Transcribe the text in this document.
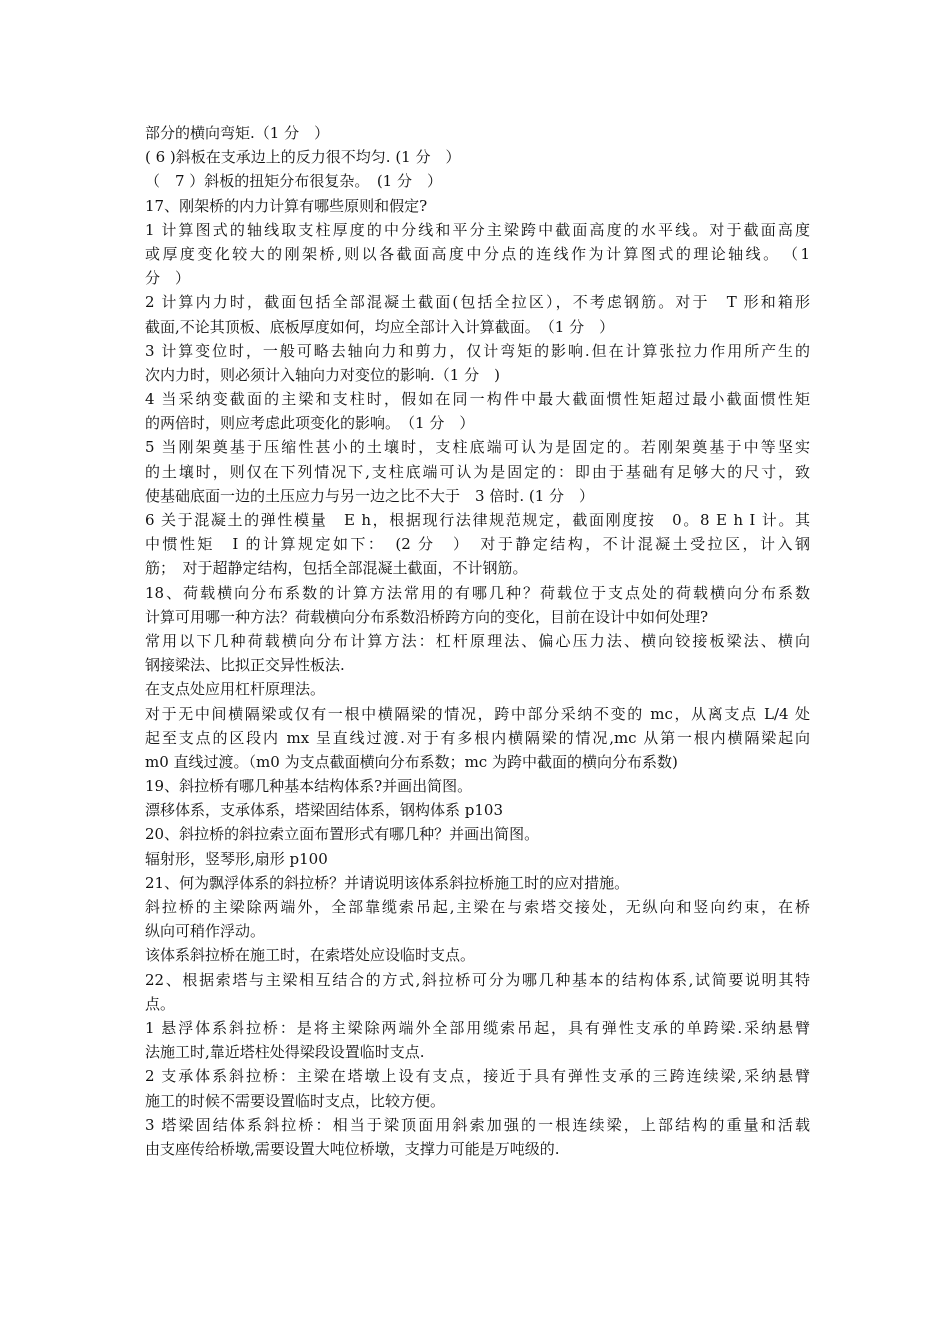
部分的横向弯矩.（1 分　）
( 6 )斜板在支承边上的反力很不均匀. (1 分　）
（　7 ）斜板的扭矩分布很复杂。　(1 分　）
17、刚架桥的内力计算有哪些原则和假定?
1 计算图式的轴线取支柱厚度的中分线和平分主梁跨中截面高度的水平线。对于截面高度
或厚度变化较大的刚架桥,则以各截面高度中分点的连线作为计算图式的理论轴线。　（1
分　）
2 计算内力时，截面包括全部混凝土截面(包括全拉区），不考虑钢筋。对于　T 形和箱形
截面,不论其顶板、底板厚度如何，均应全部计入计算截面。　（1 分　）
3 计算变位时，一般可略去轴向力和剪力，仅计弯矩的影响.但在计算张拉力作用所产生的
次内力时，则必须计入轴向力对变位的影响.（1 分　)
4 当采纳变截面的主梁和支柱时，假如在同一构件中最大截面惯性矩超过最小截面惯性矩
的两倍时，则应考虑此项变化的影响。　（1 分　）
5 当刚架奠基于压缩性甚小的土壤时，支柱底端可认为是固定的。若刚架奠基于中等坚实
的土壤时，则仅在下列情况下,支柱底端可认为是固定的：即由于基础有足够大的尺寸，致
使基础底面一边的土压应力与另一边之比不大于　3 倍时. (1 分　）
6 关于混凝土的弹性模量　E h，根据现行法律规范规定，截面刚度按　0。8 E h I 计。其
中惯性矩　I 的计算规定如下：　(2 分　）　对于静定结构，不计混凝土受拉区，计入钢
筋；　对于超静定结构，包括全部混凝土截面，不计钢筋。
18、荷载横向分布系数的计算方法常用的有哪几种？荷载位于支点处的荷载横向分布系数
计算可用哪一种方法？荷载横向分布系数沿桥跨方向的变化，目前在设计中如何处理?
常用以下几种荷载横向分布计算方法：杠杆原理法、偏心压力法、横向铰接板梁法、横向
钢接梁法、比拟正交异性板法.
在支点处应用杠杆原理法。
对于无中间横隔梁或仅有一根中横隔梁的情况，跨中部分采纳不变的 mc，从离支点 L/4 处
起至支点的区段内 mx 呈直线过渡.对于有多根内横隔梁的情况,mc 从第一根内横隔梁起向
m0 直线过渡。（m0 为支点截面横向分布系数；mc 为跨中截面的横向分布系数)
19、斜拉桥有哪几种基本结构体系?并画出简图。
漂移体系，支承体系，塔梁固结体系，钢构体系 p103
20、斜拉桥的斜拉索立面布置形式有哪几种？并画出简图。
辐射形，竖琴形,扇形 p100
21、何为飘浮体系的斜拉桥？并请说明该体系斜拉桥施工时的应对措施。
斜拉桥的主梁除两端外，全部靠缆索吊起,主梁在与索塔交接处，无纵向和竖向约束，在桥
纵向可稍作浮动。
该体系斜拉桥在施工时，在索塔处应设临时支点。
22、根据索塔与主梁相互结合的方式,斜拉桥可分为哪几种基本的结构体系,试简要说明其特
点。
1 悬浮体系斜拉桥：是将主梁除两端外全部用缆索吊起，具有弹性支承的单跨梁.采纳悬臂
法施工时,靠近塔柱处得梁段设置临时支点.
2 支承体系斜拉桥：主梁在塔墩上设有支点，接近于具有弹性支承的三跨连续梁,采纳悬臂
施工的时候不需要设置临时支点，比较方便。
3 塔梁固结体系斜拉桥：相当于梁顶面用斜索加强的一根连续梁，上部结构的重量和活载
由支座传给桥墩,需要设置大吨位桥墩，支撑力可能是万吨级的.
